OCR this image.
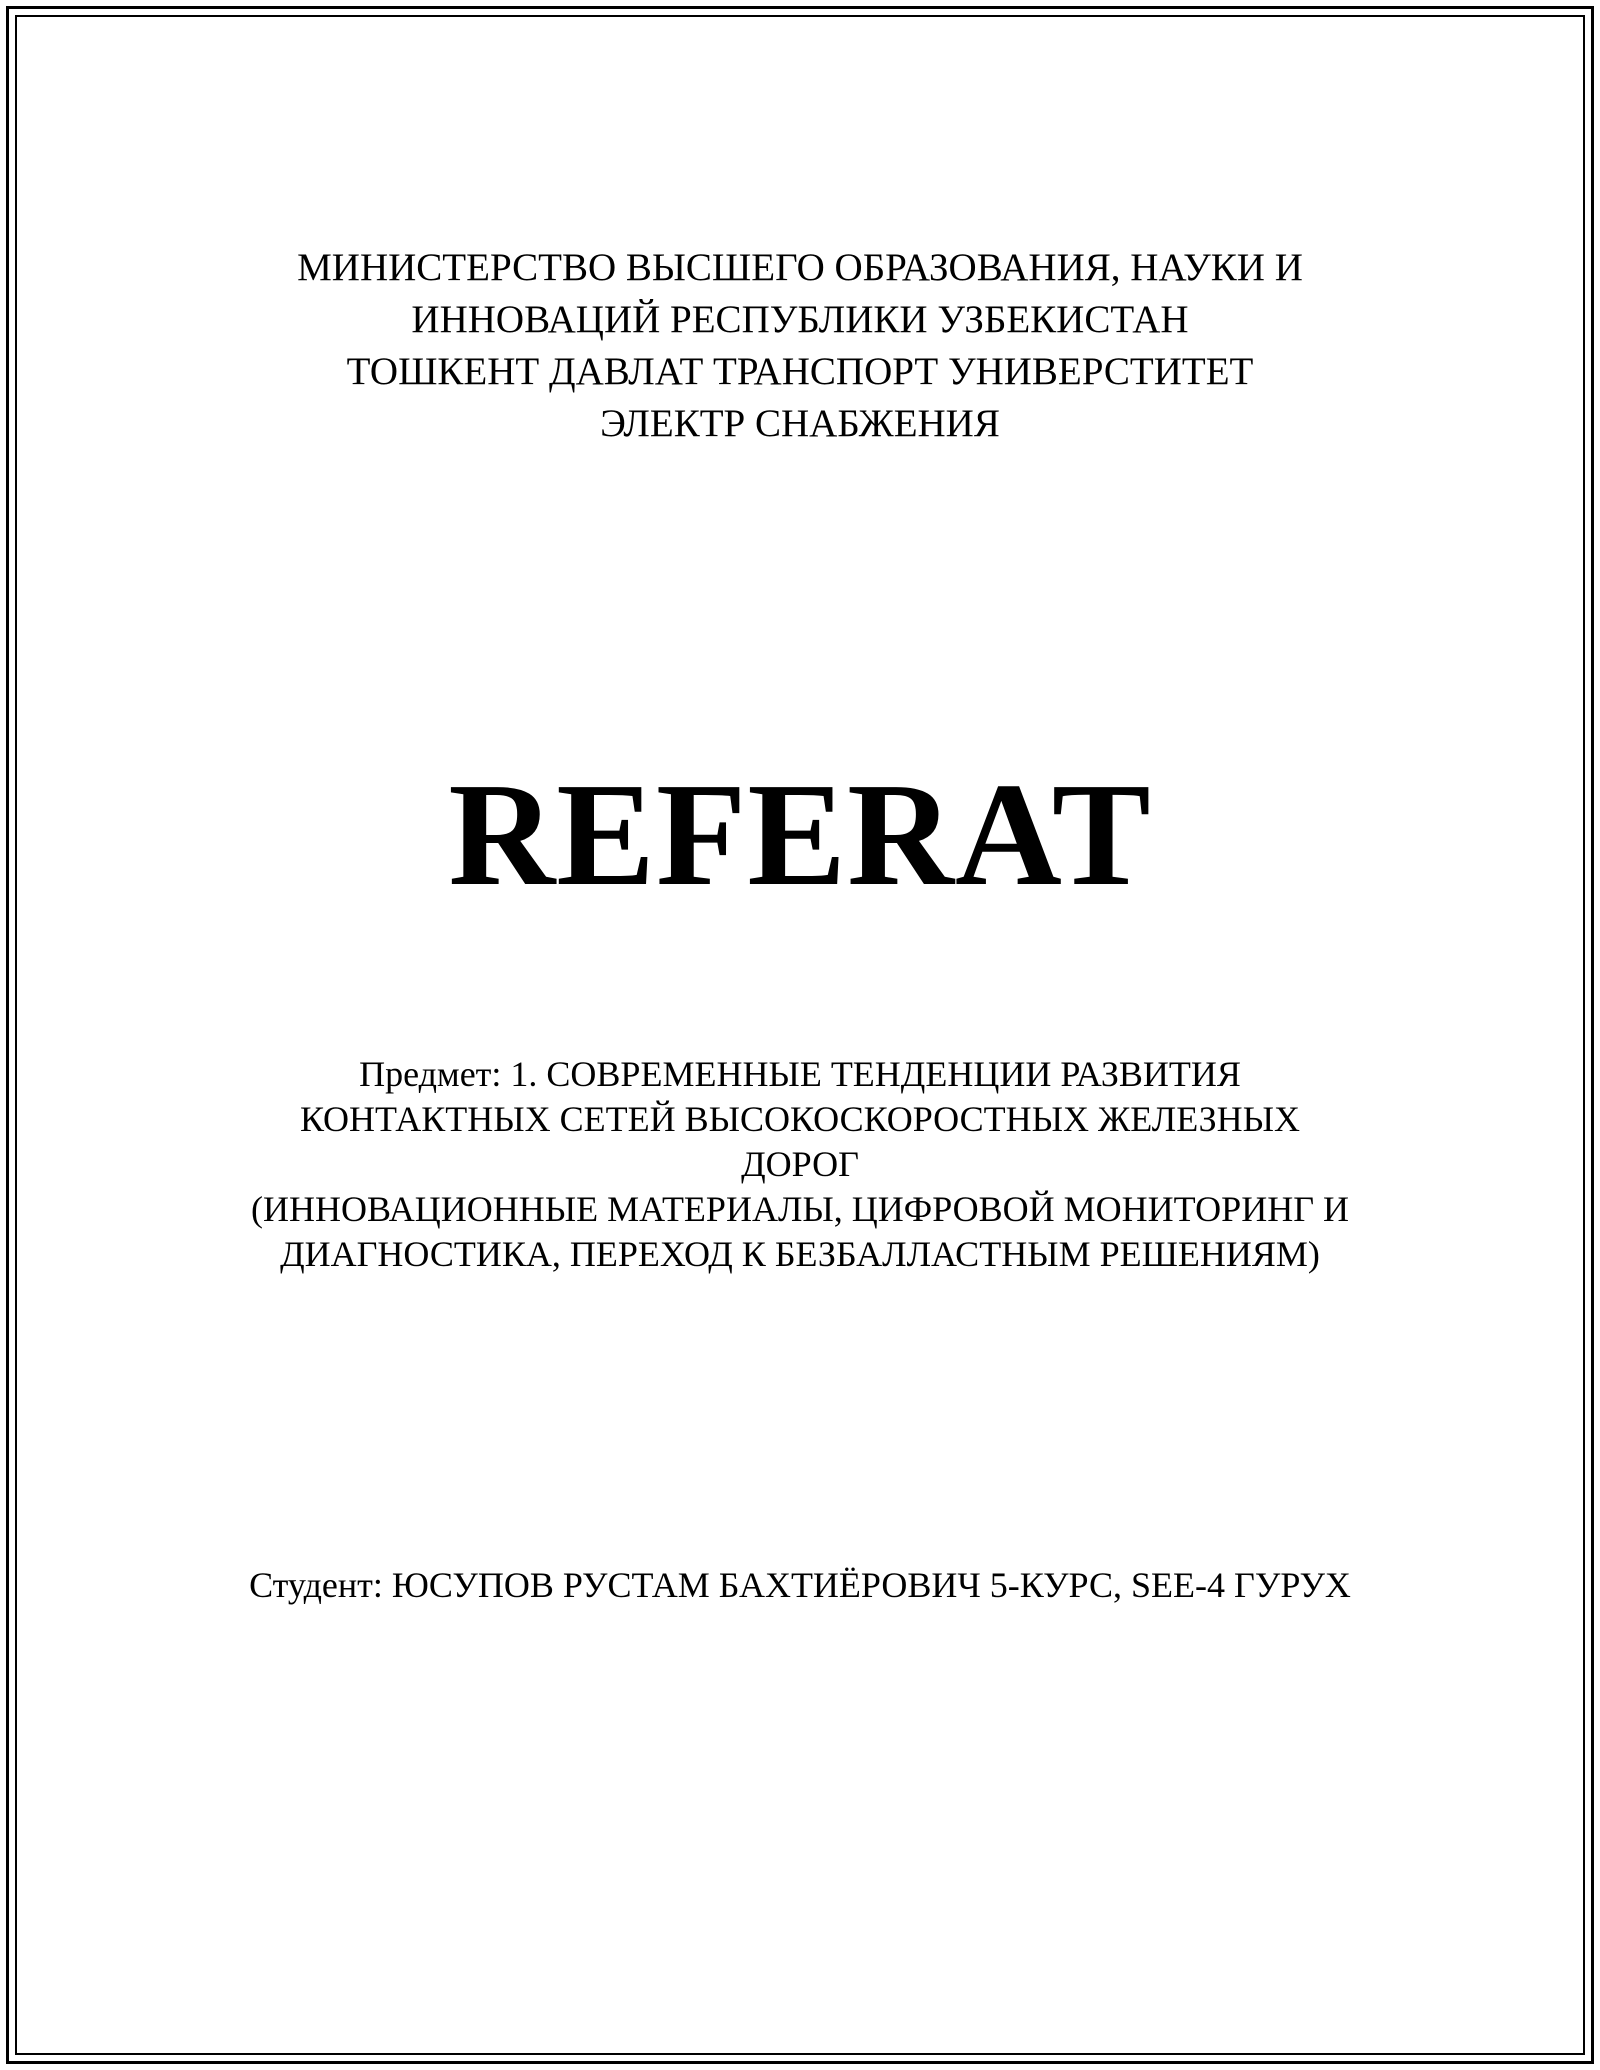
МИНИСТЕРСТВО ВЫСШЕГО ОБРАЗОВАНИЯ, НАУКИ И
ИННОВАЦИЙ РЕСПУБЛИКИ УЗБЕКИСТАН
ТОШКЕНТ ДАВЛАТ ТРАНСПОРТ УНИВЕРСТИТЕТ
ЭЛЕКТР СНАБЖЕНИЯ
REFERAT
Предмет: 1. СОВРЕМЕННЫЕ ТЕНДЕНЦИИ РАЗВИТИЯ
КОНТАКТНЫХ СЕТЕЙ ВЫСОКОСКОРОСТНЫХ ЖЕЛЕЗНЫХ
ДОРОГ
(ИННОВАЦИОННЫЕ МАТЕРИАЛЫ, ЦИФРОВОЙ МОНИТОРИНГ И
ДИАГНОСТИКА, ПЕРЕХОД К БЕЗБАЛЛАСТНЫМ РЕШЕНИЯМ)
Студент: ЮСУПОВ РУСТАМ БАХТИЁРОВИЧ 5-КУРС, SEE-4 ГУРУХ
